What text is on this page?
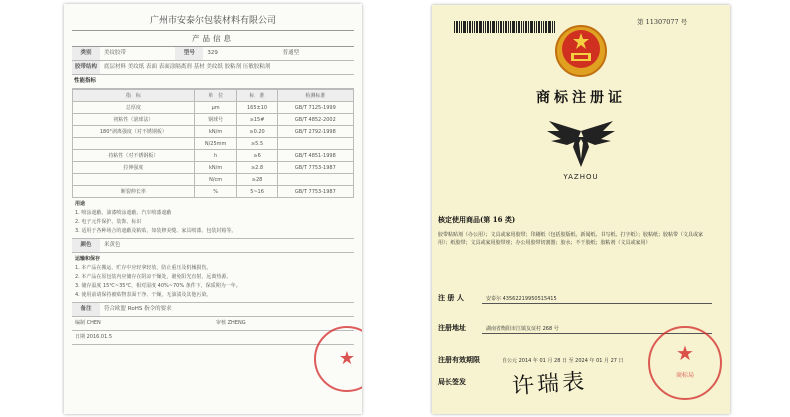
广州市安泰尔包装材料有限公司
产品信息
类别	美纹胶带	型号	329	普通型
胶带结构	底层材料 美纹纸 表面 表面涂隔离剂 基材 美纹纸 胶粘剂 压敏胶粘剂
性能指标
指　标	单　位	标　准	检测标准
总厚度	μm	165±10	GB/T 7125-1999
初粘性（滚球法）	钢球号	≥15#	GB/T 4852-2002
180°剥离强度（对不锈钢板）	kN/m	≥0.20	GB/T 2792-1998
	N/25mm	≥5.5	
持粘性（对不锈钢板）	h	≥6	GB/T 4851-1998
拉伸强度	kN/m	≥2.8	GB/T 7753-1987
	N/cm	≥28	
断裂伸长率	%	5~16	GB/T 7753-1987
用途
1. 喷涂遮蔽、油漆喷涂遮蔽、汽车喷漆遮蔽
2. 电子元件保护、装饰、标识
3. 适用于各种场合的遮蔽及粘贴，如装修美缝、家具喷漆、包装封箱等。
颜色	米黄色
运输和保存
1. 本产品在搬运、贮存中应轻拿轻放，防止重压及机械损伤。
2. 本产品在原包装内应储存在阴凉干燥处，避免阳光直射，远离热源。
3. 储存温度 15℃~35℃，相对湿度 40%~70% 条件下，保质期为一年。
4. 使用前请保持被贴物表面干净、干燥，无油渍及其他污染。
备注	符合欧盟 RoHS 指令的要求
编制 CHEN	审核 ZHENG
日期 2016.01.5
★
第 11307077 号
商标注册证
YAZHOU
核定使用商品(第 16 类)
胶带粘贴剂（办公用）；文具或家用胶带；印刷纸（包括胶版纸、新闻纸、书写纸、打字纸）；胶粘纸；胶粘带（文具或家用）；纸胶带；文具或家用胶带座；办公用胶带切割器；胶水；不干胶纸；胶粘剂（文具或家用）
注 册 人	安泰尔 43562219950515415
注册地址	湖南省衡阳市江镇友谊村 268 号
注册有效期限	自公元 2014 年 01 月 28 日 至 2024 年 01 月 27 日
局长签发 许瑞表
★
商标局
